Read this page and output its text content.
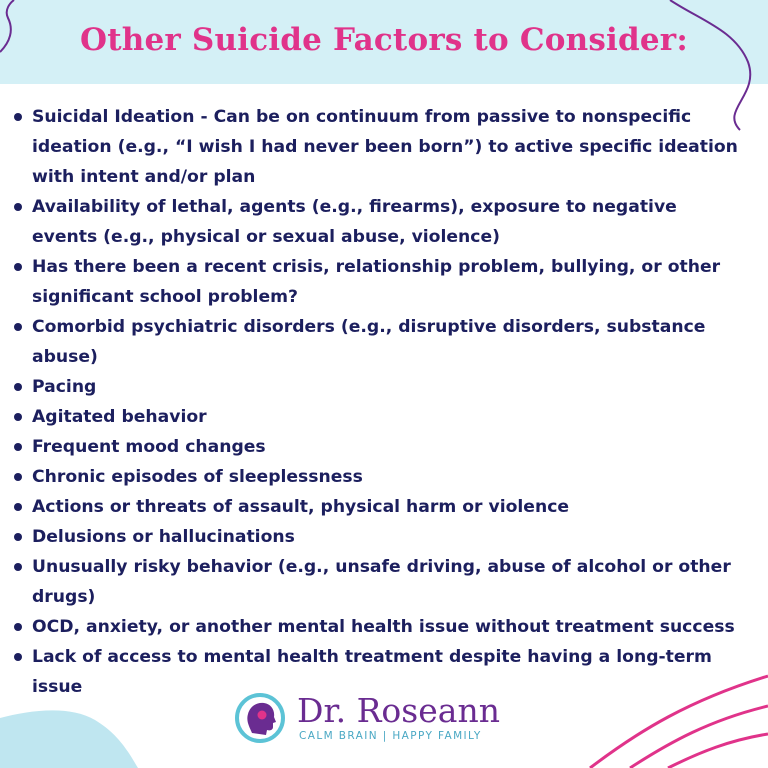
Other Suicide Factors to Consider:
Suicidal Ideation - Can be on continuum from passive to nonspecific ideation (e.g., “I wish I had never been born”) to active specific ideation with intent and/or plan
Availability of lethal, agents (e.g., firearms), exposure to negative events (e.g., physical or sexual abuse, violence)
Has there been a recent crisis, relationship problem, bullying, or other significant school problem?
Comorbid psychiatric disorders (e.g., disruptive disorders, substance abuse)
Pacing
Agitated behavior
Frequent mood changes
Chronic episodes of sleeplessness
Actions or threats of assault, physical harm or violence
Delusions or hallucinations
Unusually risky behavior (e.g., unsafe driving, abuse of alcohol or other drugs)
OCD, anxiety, or another mental health issue without treatment success
Lack of access to mental health treatment despite having a long-term issue
Dr. Roseann
CALM BRAIN | HAPPY FAMILY
